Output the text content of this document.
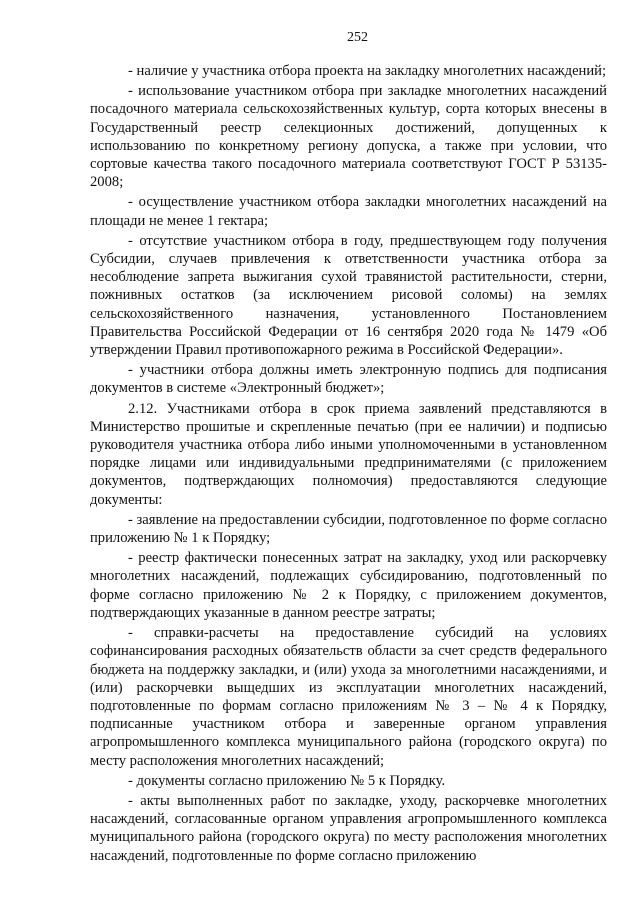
252

- наличие у участника отбора проекта на закладку многолетних насаждений;

- использование участником отбора при закладке многолетних насаждений посадочного материала сельскохозяйственных культур, сорта которых внесены в Государственный реестр селекционных достижений, допущенных к использованию по конкретному региону допуска, а также при условии, что сортовые качества такого посадочного материала соответствуют ГОСТ Р 53135-2008;

- осуществление участником отбора закладки многолетних насаждений на площади не менее 1 гектара;

- отсутствие участником отбора в году, предшествующем году получения Субсидии, случаев привлечения к ответственности участника отбора за несоблюдение запрета выжигания сухой травянистой растительности, стерни, пожнивных остатков (за исключением рисовой соломы) на землях сельскохозяйственного назначения, установленного Постановлением Правительства Российской Федерации от 16 сентября 2020 года № 1479 «Об утверждении Правил противопожарного режима в Российской Федерации».

- участники отбора должны иметь электронную подпись для подписания документов в системе «Электронный бюджет»;

2.12. Участниками отбора в срок приема заявлений представляются в Министерство прошитые и скрепленные печатью (при ее наличии) и подписью руководителя участника отбора либо иными уполномоченными в установленном порядке лицами или индивидуальными предпринимателями (с приложением документов, подтверждающих полномочия) предоставляются следующие документы:

- заявление на предоставлении субсидии, подготовленное по форме согласно приложению № 1 к Порядку;

- реестр фактически понесенных затрат на закладку, уход или раскорчевку многолетних насаждений, подлежащих субсидированию, подготовленный по форме согласно приложению № 2 к Порядку, с приложением документов, подтверждающих указанные в данном реестре затраты;

- справки-расчеты на предоставление субсидий на условиях софинансирования расходных обязательств области за счет средств федерального бюджета на поддержку закладки, и (или) ухода за многолетними насаждениями, и (или) раскорчевки выщедших из эксплуатации многолетних насаждений, подготовленные по формам согласно приложениям № 3 – № 4 к Порядку, подписанные участником отбора и заверенные органом управления агропромышленного комплекса муниципального района (городского округа) по месту расположения многолетних насаждений;

- документы согласно приложению № 5 к Порядку.

- акты выполненных работ по закладке, уходу, раскорчевке многолетних насаждений, согласованные органом управления агропромышленного комплекса муниципального района (городского округа) по месту расположения многолетних насаждений, подготовленные по форме согласно приложению
